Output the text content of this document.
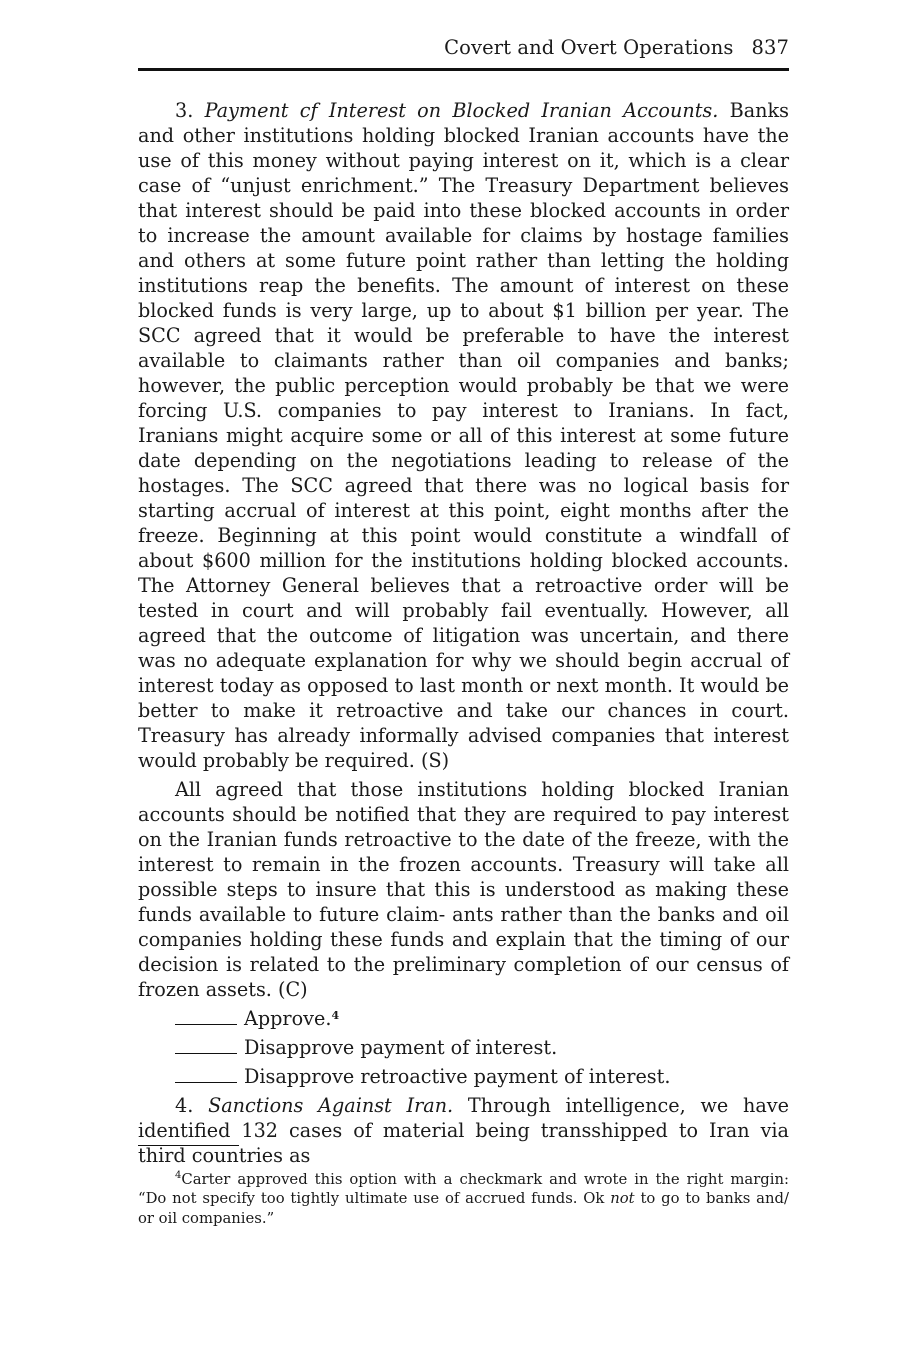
Covert and Overt Operations 837

3. Payment cf Interest on Blocked Iranian Accounts. Banks and other institutions holding blocked Iranian accounts have the use of this money without paying interest on it, which is a clear case of “unjust enrichment.” The Treasury Department believes that interest should be paid into these blocked accounts in order to increase the amount available for claims by hostage families and others at some future point rather than letting the holding institutions reap the benefits. The amount of interest on these blocked funds is very large, up to about $1 billion per year. The SCC agreed that it would be preferable to have the interest available to claimants rather than oil companies and banks; however, the public perception would probably be that we were forcing U.S. companies to pay interest to Iranians. In fact, Iranians might acquire some or all of this interest at some future date depending on the negotiations leading to release of the hostages. The SCC agreed that there was no logical basis for starting accrual of interest at this point, eight months after the freeze. Beginning at this point would constitute a windfall of about $600 million for the institutions holding blocked accounts. The Attorney General believes that a retroactive order will be tested in court and will probably fail eventually. However, all agreed that the outcome of litigation was uncertain, and there was no adequate explanation for why we should begin accrual of interest today as opposed to last month or next month. It would be better to make it retroactive and take our chances in court. Treasury has already informally advised companies that interest would probably be required. (S)

All agreed that those institutions holding blocked Iranian accounts should be notified that they are required to pay interest on the Iranian funds retroactive to the date of the freeze, with the interest to remain in the frozen accounts. Treasury will take all possible steps to insure that this is understood as making these funds available to future claim- ants rather than the banks and oil companies holding these funds and explain that the timing of our decision is related to the preliminary completion of our census of frozen assets. (C)

Approve.$^4$
Disapprove payment of interest.
Disapprove retroactive payment of interest.

4. Sanctions Against Iran. Through intelligence, we have identified 132 cases of material being transshipped to Iran via third countries as

$^4$Carter approved this option with a checkmark and wrote in the right margin: “Do not specify too tightly ultimate use of accrued funds. Ok not to go to banks and/ or oil companies.”
